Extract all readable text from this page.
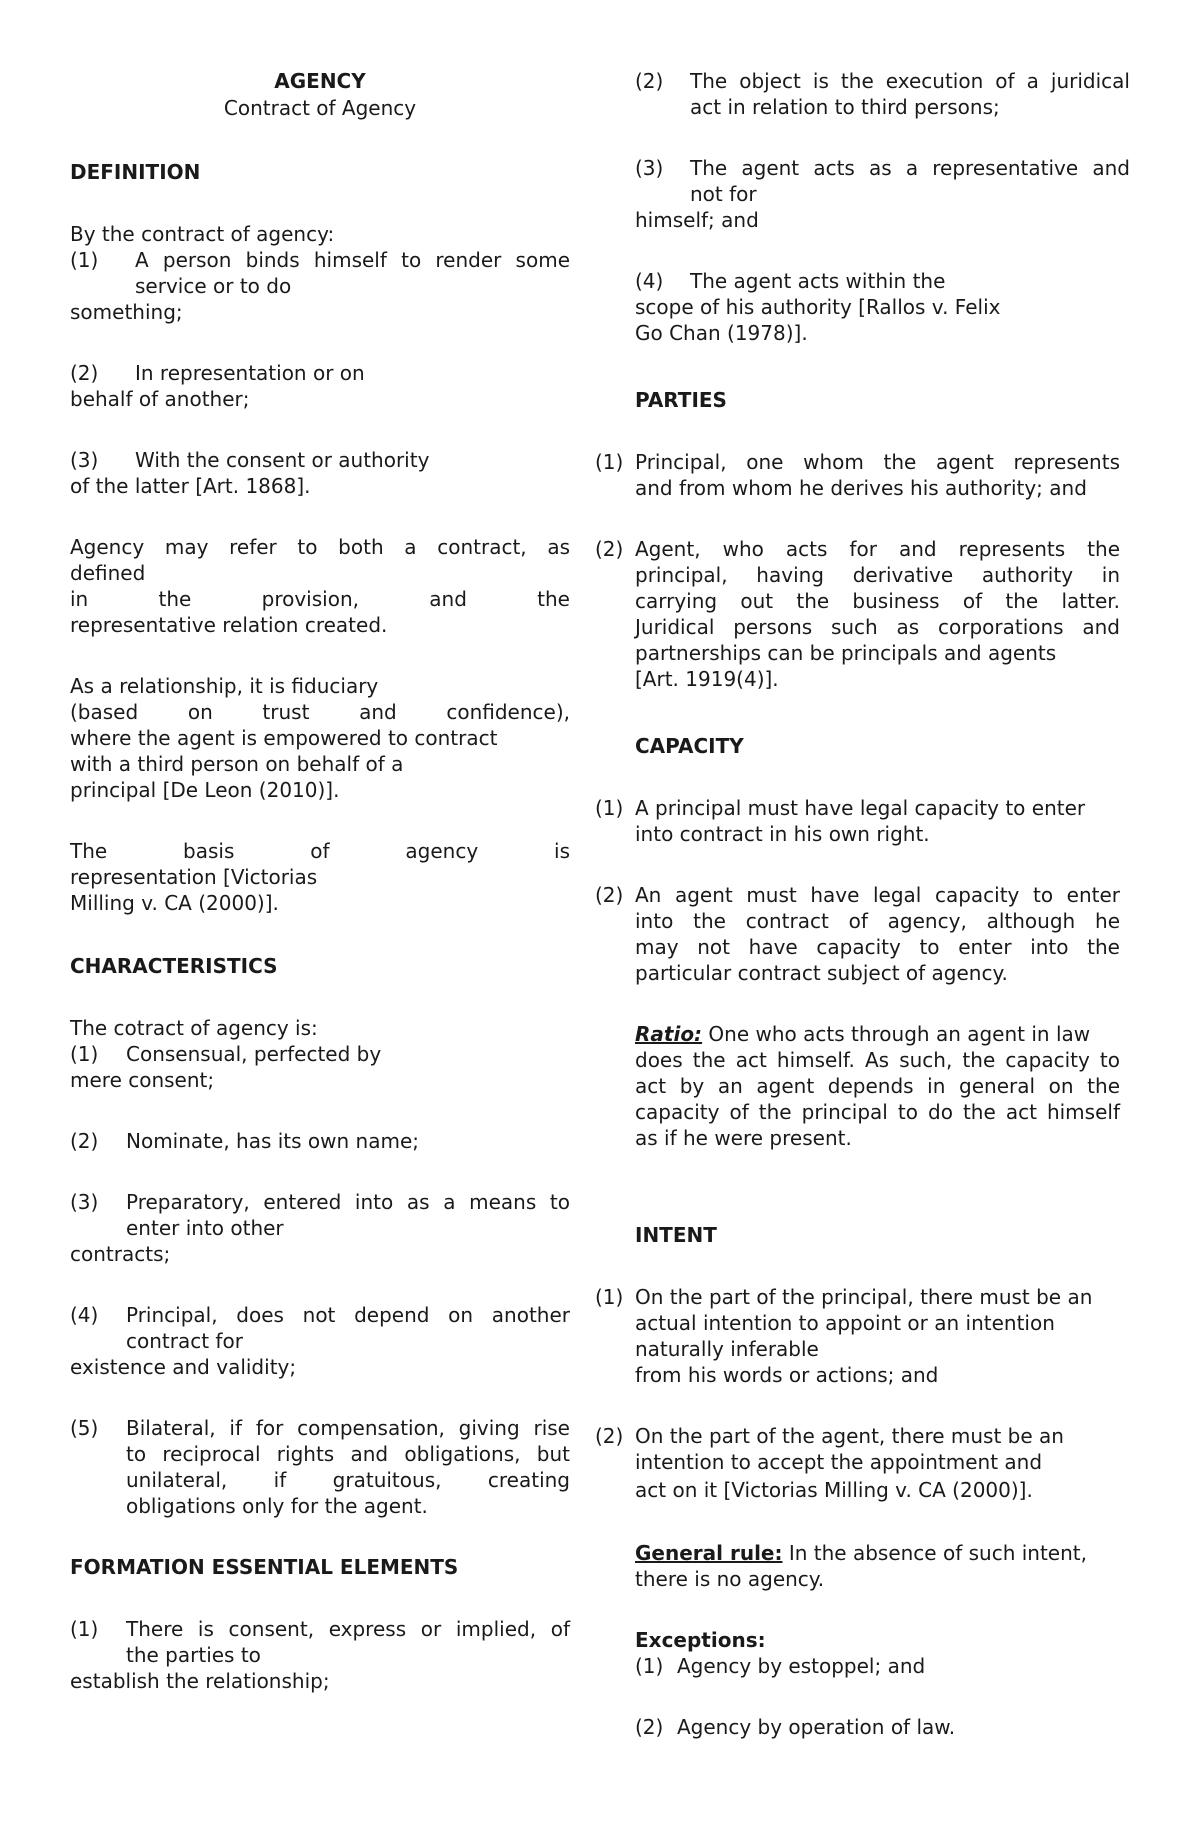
AGENCY
Contract of Agency
DEFINITION
By the contract of agency:
(1)	A person binds himself to render some
service or to do
something;
(2) In representation or on
behalf of another;
(3) With the consent or authority
of the latter [Art. 1868].
Agency may refer to both a contract, as
defined
in the provision, and the
representative relation created.
As a relationship, it is fiduciary
(based on trust and confidence),
where the agent is empowered to contract
with a third person on behalf of a
principal [De Leon (2010)].
The basis of agency is
representation [Victorias
Milling v. CA (2000)].
CHARACTERISTICS
The cotract of agency is:
(1) Consensual, perfected by
mere consent;
(2) Nominate, has its own name;
(3)	Preparatory, entered into as a means to
enter into other
contracts;
(4)	Principal, does not depend on another
contract for
existence and validity;
(5)	Bilateral, if for compensation, giving rise
to reciprocal rights and obligations, but
unilateral, if gratuitous, creating
obligations only for the agent.
FORMATION ESSENTIAL ELEMENTS
(1)	There is consent, express or implied, of
the parties to
establish the relationship;
(2)	The object is the execution of a juridical
act in relation to third persons;
(3)	The agent acts as a representative and
not for
himself; and
(4) The agent acts within the
scope of his authority [Rallos v. Felix
Go Chan (1978)].
PARTIES
(1) Principal, one whom the agent represents
and from whom he derives his authority; and
(2) Agent, who acts for and represents the
principal, having derivative authority in
carrying out the business of the latter.
Juridical persons such as corporations and
partnerships can be principals and agents
[Art. 1919(4)].
CAPACITY
(1) A principal must have legal capacity to enter
into contract in his own right.
(2) An agent must have legal capacity to enter
into the contract of agency, although he
may not have capacity to enter into the
particular contract subject of agency.
Ratio: One who acts through an agent in law
does the act himself. As such, the capacity to
act by an agent depends in general on the
capacity of the principal to do the act himself
as if he were present.
INTENT
(1) On the part of the principal, there must be an
actual intention to appoint or an intention
naturally inferable
from his words or actions; and
(2) On the part of the agent, there must be an
intention to accept the appointment and
act on it [Victorias Milling v. CA (2000)].
General rule: In the absence of such intent,
there is no agency.
Exceptions:
(1) Agency by estoppel; and
(2) Agency by operation of law.
